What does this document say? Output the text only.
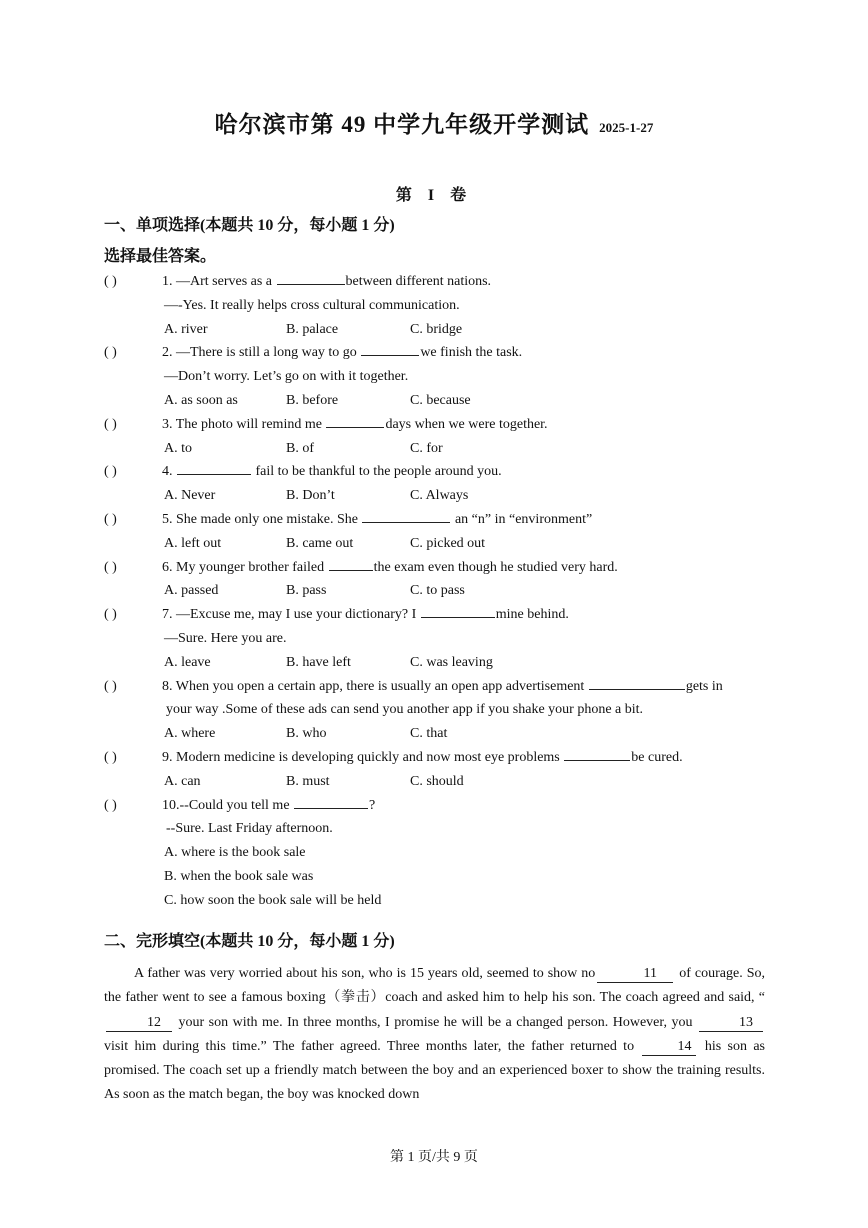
哈尔滨市第 49 中学九年级开学测试 2025-1-27
第 I 卷
一、单项选择(本题共 10 分，每小题 1 分)
选择最佳答案。
( )	1. —Art serves as a	between different nations.
—-Yes. It really helps cross cultural communication.
A. river	B. palace	C. bridge
( )	2. —There is still a long way to go	we finish the task.
—Don’t worry. Let’s go on with it together.
A. as soon as	B. before	C. because
( )	3. The photo will remind me	days when we were together.
A. to	B. of	C. for
( )	4.	fail to be thankful to the people around you.
A. Never	B. Don’t	C. Always
( )	5. She made only one mistake. She	an “n” in “environment”
A. left out	B. came out	C. picked out
( )	6. My younger brother failed	the exam even though he studied very hard.
A. passed	B. pass	C. to pass
( )	7. —Excuse me, may I use your dictionary? I	mine behind.
—Sure. Here you are.
A. leave	B. have left	C. was leaving
( )	8. When you open a certain app, there is usually an open app advertisement	gets in
your way .Some of these ads can send you another app if you shake your phone a bit.
A. where	B. who	C. that
( )	9. Modern medicine is developing quickly and now most eye problems	be cured.
A. can	B. must	C. should
( )	10.--Could you tell me	?
--Sure. Last Friday afternoon.
A. where is the book sale
B. when the book sale was
C. how soon the book sale will be held
二、完形填空(本题共 10 分，每小题 1 分)
A father was very worried about his son, who is 15 years old, seemed to show no	11 of courage. So, the father went to see a famous boxing（拳击）coach and asked him to help his son. The coach agreed and said, “12 your son with me. In three months, I promise he will be a changed person. However, you	13 visit him during this time.” The father agreed. Three months later, the father returned to	14 his son as promised. The coach set up a friendly match between the boy and an experienced boxer to show the training results. As soon as the match began, the boy was knocked down
第 1 页/共 9 页
